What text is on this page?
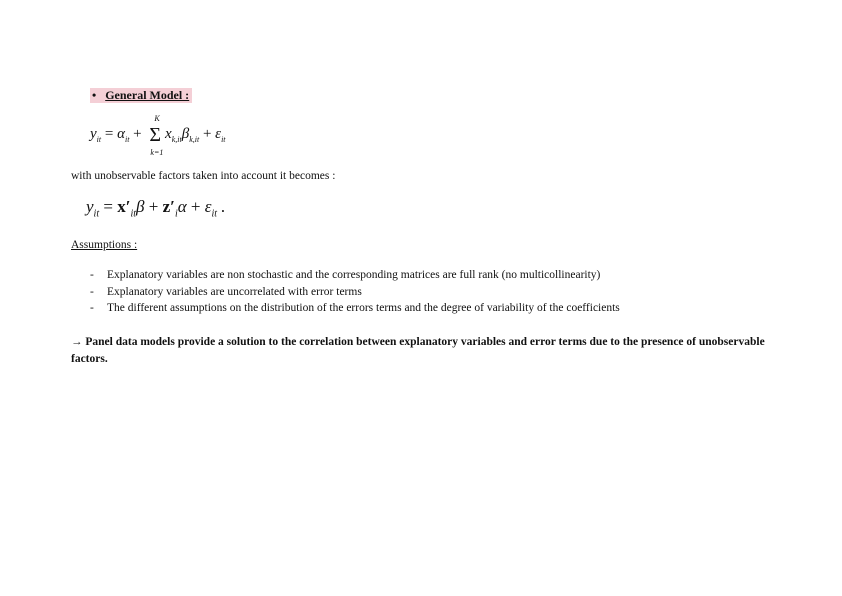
• General Model :
$y_{it} = \alpha_{it}$ +
K
Σ
k=1
$x_{k,it}\beta_{k,it} + \varepsilon_{it}$
with unobservable factors taken into account it becomes :
$y_{it} = x'_{it}\beta + z'_i\alpha + \varepsilon_{it}$ .
Assumptions :
- Explanatory variables are non stochastic and the corresponding matrices are full rank (no multicollinearity)
- Explanatory variables are uncorrelated with error terms
- The different assumptions on the distribution of the errors terms and the degree of variability of the coefficients
→ Panel data models provide a solution to the correlation between explanatory variables and error terms due to the presence of unobservable factors.
